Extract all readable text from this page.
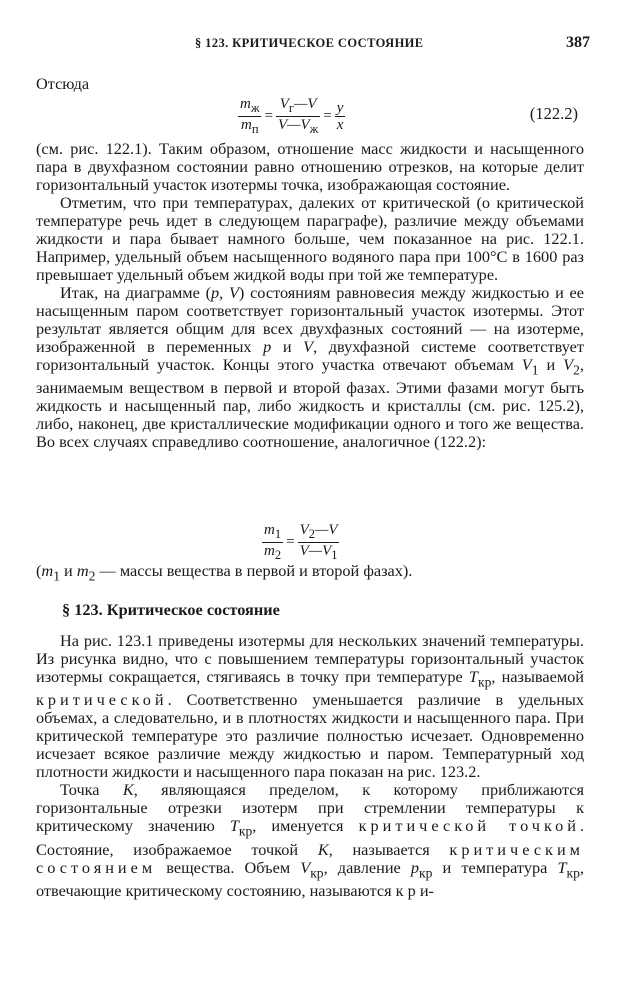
§ 123. КРИТИЧЕСКОЕ СОСТОЯНИЕ	387

Отсюда

$\frac{m_ж}{m_п} = \frac{V_г—V}{V—V_ж} = \frac{y}{x}$	(122.2)

(см. рис. 122.1). Таким образом, отношение масс жидкости и насыщенного пара в двухфазном состоянии равно отношению отрезков, на которые делит горизонтальный участок изотермы точка, изображающая состояние.

Отметим, что при температурах, далеких от критической (о критической температуре речь идет в следующем параграфе), различие между объемами жидкости и пара бывает намного больше, чем показанное на рис. 122.1. Например, удельный объем насыщенного водяного пара при 100°C в 1600 раз превышает удельный объем жидкой воды при той же температуре.

Итак, на диаграмме (p, V) состояниям равновесия между жидкостью и ее насыщенным паром соответствует горизонтальный участок изотермы. Этот результат является общим для всех двухфазных состояний — на изотерме, изображенной в переменных p и V, двухфазной системе соответствует горизонтальный участок. Концы этого участка отвечают объемам $V_1$ и $V_2$, занимаемым веществом в первой и второй фазах. Этими фазами могут быть жидкость и насыщенный пар, либо жидкость и кристаллы (см. рис. 125.2), либо, наконец, две кристаллические модификации одного и того же вещества. Во всех случаях справедливо соотношение, аналогичное (122.2):

$\frac{m_1}{m_2} = \frac{V_2—V}{V—V_1}$

($m_1$ и $m_2$ — массы вещества в первой и второй фазах).

§ 123. Критическое состояние

На рис. 123.1 приведены изотермы для нескольких значений температуры. Из рисунка видно, что с повышением температуры горизонтальный участок изотермы сокращается, стягиваясь в точку при температуре $T_{кр}$, называемой критической. Соответственно уменьшается различие в удельных объемах, а следовательно, и в плотностях жидкости и насыщенного пара. При критической температуре это различие полностью исчезает. Одновременно исчезает всякое различие между жидкостью и паром. Температурный ход плотности жидкости и насыщенного пара показан на рис. 123.2.

Точка K, являющаяся пределом, к которому приближаются горизонтальные отрезки изотерм при стремлении температуры к критическому значению $T_{кр}$, именуется критической точкой. Состояние, изображаемое точкой K, называется критическим состоянием вещества. Объем $V_{кр}$, давление $p_{кр}$ и температура $T_{кр}$, отвечающие критическому состоянию, называются к р и-
